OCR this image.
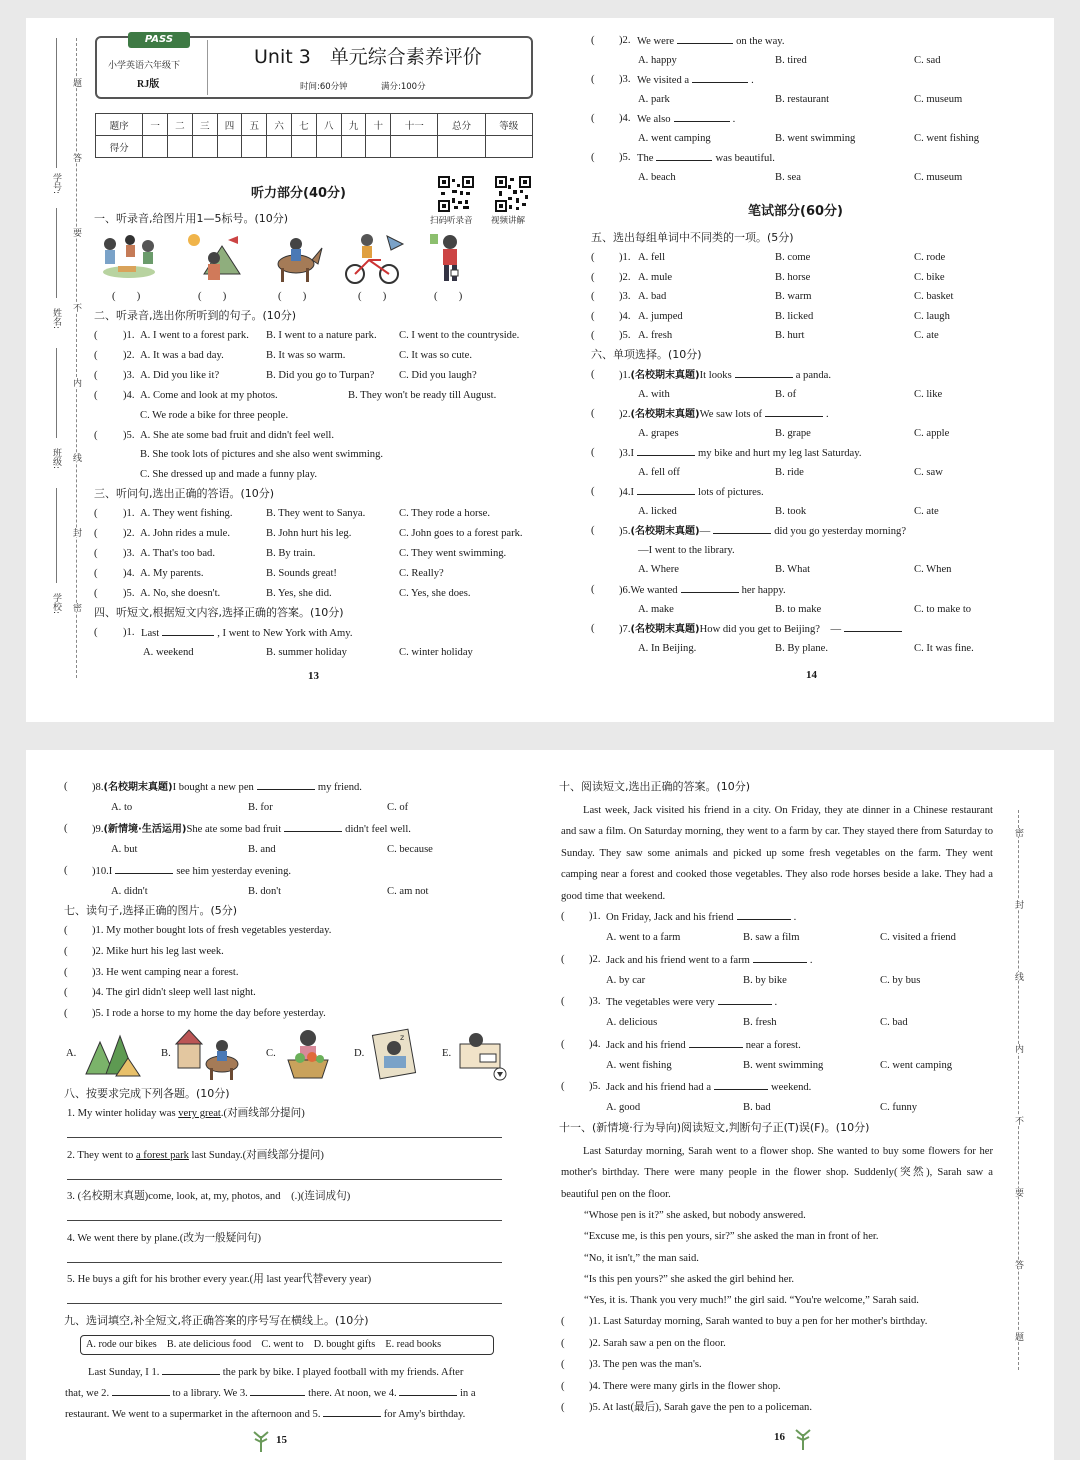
学号:
姓名:
班级:
学校:
题
答
要
不
内
线
封
密
PASS
小学英语六年级下
RJ版
Unit 3　单元综合素养评价
时间:60分钟	满分:100分
题序	一	二	三	四	五	六	七	八	九	十	十一	总分	等级
得分													
听力部分(40分)
扫码听录音 视频讲解
一、听录音,给图片用1—5标号。(10分)
(　　)	(　　)	(　　)	(　　)	(　　)
二、听录音,选出你所听到的句子。(10分)
三、听问句,选出正确的答语。(10分)
四、听短文,根据短文内容,选择正确的答案。(10分)
13
笔试部分(60分)
五、选出每组单词中不同类的一项。(5分)
六、单项选择。(10分)
14
( )1. A. I went to a forest park. B. I went to a nature park. C. I went to the countryside.
( )2. A. It was a bad day.	B. It was so warm.	C. It was so cute.
( )3. A. Did you like it?	B. Did you go to Turpan? C. Did you laugh?
( )4. A. Come and look at my photos.	B. They won't be ready till August.
C. We rode a bike for three people.
( )5. A. She ate some bad fruit and didn't feel well.
B. She took lots of pictures and she also went swimming.
C. She dressed up and made a funny play.
( )1. A. They went fishing.	B. They went to Sanya.	C. They rode a horse.
( )2. A. John rides a mule.	B. John hurt his leg.	C. John goes to a forest park.
( )3. A. That's too bad.	B. By train.	C. They went swimming.
( )4. A. My parents.	B. Sounds great!	C. Really?
( )5. A. No, she doesn't.	B. Yes, she did.	C. Yes, she does.
( )1. Last	, I went to New York with Amy.
A. weekend	B. summer holiday	C. winter holiday
( )2. We were	on the way.
A. happy	B. tired	C. sad
( )3. We visited a	.
A. park	B. restaurant	C. museum
( )4. We also	.
A. went camping	B. went swimming	C. went fishing
( )5. The	was beautiful.
A. beach	B. sea	C. museum
( )1. A. fell	B. come	C. rode
( )2. A. mule	B. horse	C. bike
( )3. A. bad	B. warm	C. basket
( )4. A. jumped	B. licked	C. laugh
( )5. A. fresh	B. hurt	C. ate
( )1.(名校期末真题)It looks	a panda.
A. with	B. of	C. like
( )2.(名校期末真题)We saw lots of	.
A. grapes	B. grape	C. apple
( )3.I	my bike and hurt my leg last Saturday.
A. fell off	B. ride	C. saw
( )4.I	lots of pictures.
A. licked	B. took	C. ate
( )5.(名校期末真题)—	did you go yesterday morning?
—I went to the library.
A. Where	B. What	C. When
( )6.We wanted	her happy.
A. make	B. to make	C. to make to
( )7.(名校期末真题)How did you get to Beijing?　—
A. In Beijing.	B. By plane.	C. It was fine.
七、读句子,选择正确的图片。(5分)
A.	B.	C.	D.
z
E.
八、按要求完成下列各题。(10分)
九、选词填空,补全短文,将正确答案的序号写在横线上。(10分)
A. rode our bikes　B. ate delicious food　C. went to　D. bought gifts　E. read books
Last Sunday, I 1.	the park by bike. I played football with my friends. After
that, we 2.	to a library. We 3.	there. At noon, we 4.	in a
restaurant. We went to a supermarket in the afternoon and 5.	for Amy's birthday.
15
十、阅读短文,选出正确的答案。(10分)
Last week, Jack visited his friend in a city. On Friday, they ate dinner in a Chinese restaurant and saw a film. On Saturday morning, they went to a farm by car. They stayed there from Saturday to Sunday. They saw some animals and picked up some fresh vegetables on the farm. They went camping near a forest and cooked those vegetables. They also rode horses beside a lake. They had a good time that weekend.
十一、(新情境·行为导向)阅读短文,判断句子正(T)误(F)。(10分)
Last Saturday morning, Sarah went to a flower shop. She wanted to buy some flowers for her mother's birthday. There were many people in the flower shop. Suddenly(突然), Sarah saw a beautiful pen on the floor.
“Whose pen is it?” she asked, but nobody answered.
“Excuse me, is this pen yours, sir?” she asked the man in front of her.
“No, it isn't,” the man said.
“Is this pen yours?” she asked the girl behind her.
“Yes, it is. Thank you very much!” the girl said. “You're welcome,” Sarah said.
16
密
封
线
内
不
要
答
题
( )8.(名校期末真题)I bought a new pen	my friend.
A. to	B. for	C. of
( )9.(新情境·生活运用)She ate some bad fruit	didn't feel well.
A. but	B. and	C. because
( )10.I	see him yesterday evening.
A. didn't	B. don't	C. am not
( )1. My mother bought lots of fresh vegetables yesterday.
( )2. Mike hurt his leg last week.
( )3. He went camping near a forest.
( )4. The girl didn't sleep well last night.
( )5. I rode a horse to my home the day before yesterday.
1. My winter holiday was very great.(对画线部分提问)
2. They went to a forest park last Sunday.(对画线部分提问)
3. (名校期末真题)come, look, at, my, photos, and　(.)(连词成句)
4. We went there by plane.(改为一般疑问句)
5. He buys a gift for his brother every year.(用 last year代替every year)
( )1. On Friday, Jack and his friend	.
A. went to a farm	B. saw a film	C. visited a friend
( )2. Jack and his friend went to a farm	.
A. by car	B. by bike	C. by bus
( )3. The vegetables were very	.
A. delicious	B. fresh	C. bad
( )4. Jack and his friend	near a forest.
A. went fishing	B. went swimming	C. went camping
( )5. Jack and his friend had a	weekend.
A. good	B. bad	C. funny
( )1. Last Saturday morning, Sarah wanted to buy a pen for her mother's birthday.
( )2. Sarah saw a pen on the floor.
( )3. The pen was the man's.
( )4. There were many girls in the flower shop.
( )5. At last(最后), Sarah gave the pen to a policeman.
